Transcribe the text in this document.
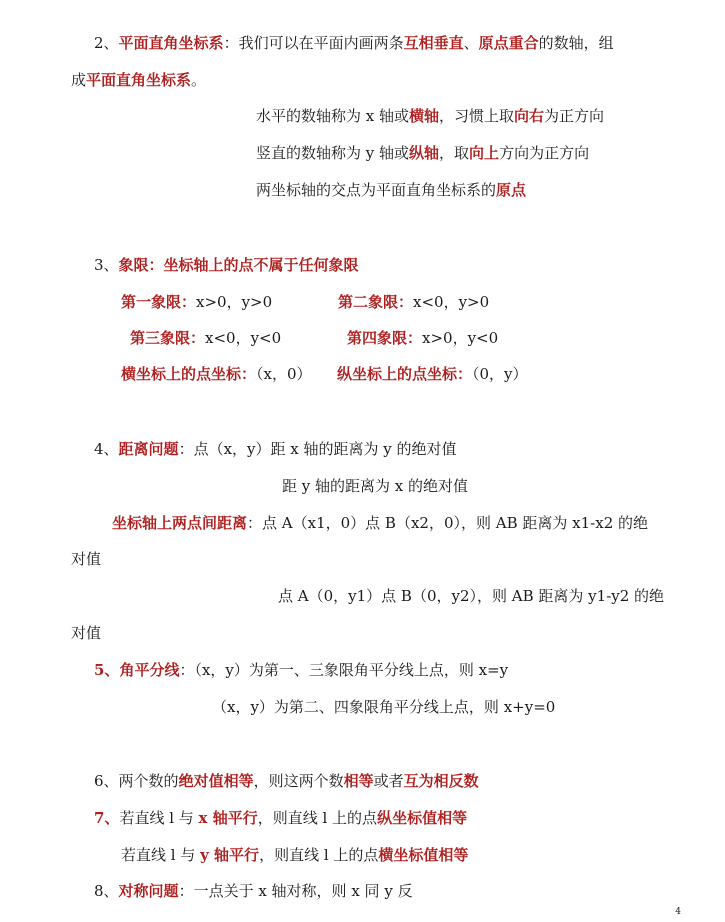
2、平面直角坐标系：我们可以在平面内画两条互相垂直、原点重合的数轴，组
成平面直角坐标系。
水平的数轴称为 x 轴或横轴，习惯上取向右为正方向
竖直的数轴称为 y 轴或纵轴，取向上方向为正方向
两坐标轴的交点为平面直角坐标系的原点
3、象限：坐标轴上的点不属于任何象限
第一象限：x>0，y>0	第二象限：x<0，y>0
第三象限：x<0，y<0	第四象限：x>0，y<0
横坐标上的点坐标：（x，0） 纵坐标上的点坐标：（0，y）
4、距离问题：点（x，y）距 x 轴的距离为 y 的绝对值
距 y 轴的距离为 x 的绝对值
坐标轴上两点间距离：点 A（x1，0）点 B（x2，0），则 AB 距离为 x1-x2 的绝
对值
点 A（0，y1）点 B（0，y2），则 AB 距离为 y1-y2 的绝
对值
5、角平分线：（x，y）为第一、三象限角平分线上点，则 x=y
（x，y）为第二、四象限角平分线上点，则 x+y=0
6、两个数的绝对值相等，则这两个数相等或者互为相反数
7、若直线 l 与 x 轴平行，则直线 l 上的点纵坐标值相等
若直线 l 与 y 轴平行，则直线 l 上的点横坐标值相等
8、对称问题：一点关于 x 轴对称，则 x 同 y 反
4
